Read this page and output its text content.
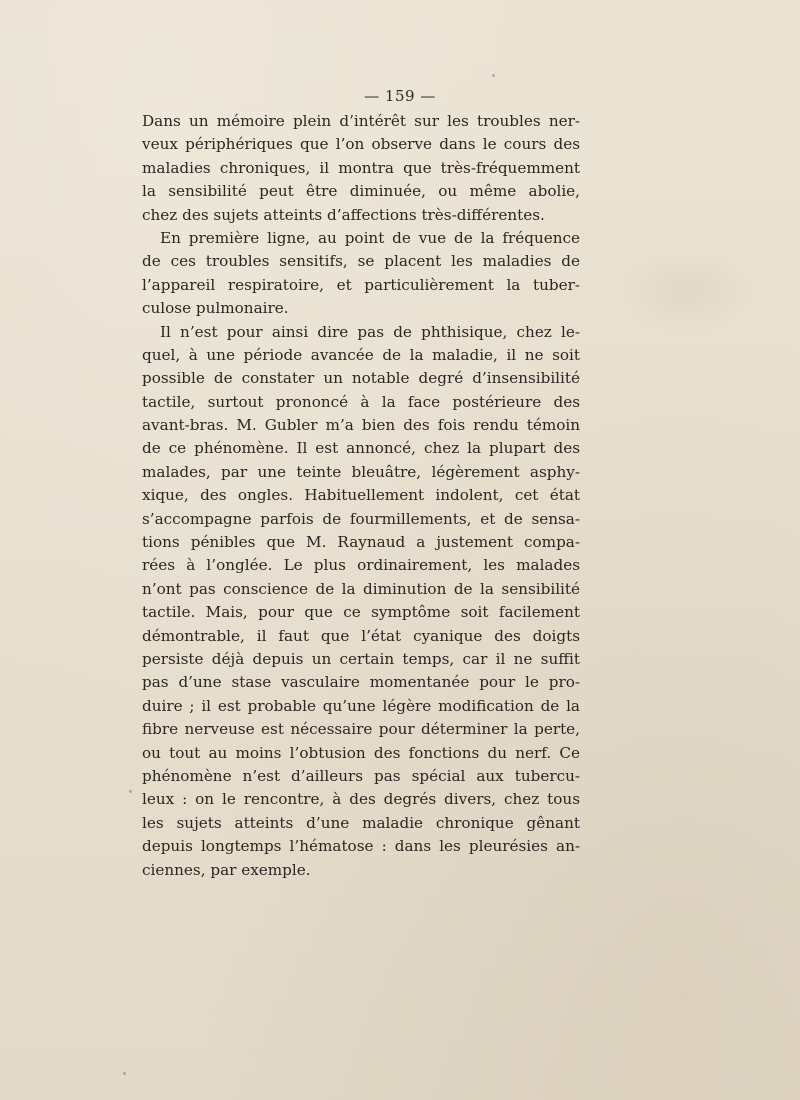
— 159 —
Dans un mémoire plein d’intérêt sur les troubles ner-
veux périphériques que l’on observe dans le cours des
maladies chroniques, il montra que très-fréquemment
la sensibilité peut être diminuée, ou même abolie,
chez des sujets atteints d’affections très-différentes.
En première ligne, au point de vue de la fréquence
de ces troubles sensitifs, se placent les maladies de
l’appareil respiratoire, et particulièrement la tuber-
culose pulmonaire.
Il n’est pour ainsi dire pas de phthisique, chez le-
quel, à une période avancée de la maladie, il ne soit
possible de constater un notable degré d’insensibilité
tactile, surtout prononcé à la face postérieure des
avant-bras. M. Gubler m’a bien des fois rendu témoin
de ce phénomène. Il est annoncé, chez la plupart des
malades, par une teinte bleuâtre, légèrement asphy-
xique, des ongles. Habituellement indolent, cet état
s’accompagne parfois de fourmillements, et de sensa-
tions pénibles que M. Raynaud a justement compa-
rées à l’onglée. Le plus ordinairement, les malades
n’ont pas conscience de la diminution de la sensibilité
tactile. Mais, pour que ce symptôme soit facilement
démontrable, il faut que l’état cyanique des doigts
persiste déjà depuis un certain temps, car il ne suffit
pas d’une stase vasculaire momentanée pour le pro-
duire ; il est probable qu’une légère modification de la
fibre nerveuse est nécessaire pour déterminer la perte,
ou tout au moins l’obtusion des fonctions du nerf. Ce
phénomène n’est d’ailleurs pas spécial aux tubercu-
leux : on le rencontre, à des degrés divers, chez tous
les sujets atteints d’une maladie chronique gênant
depuis longtemps l’hématose : dans les pleurésies an-
ciennes, par exemple.
